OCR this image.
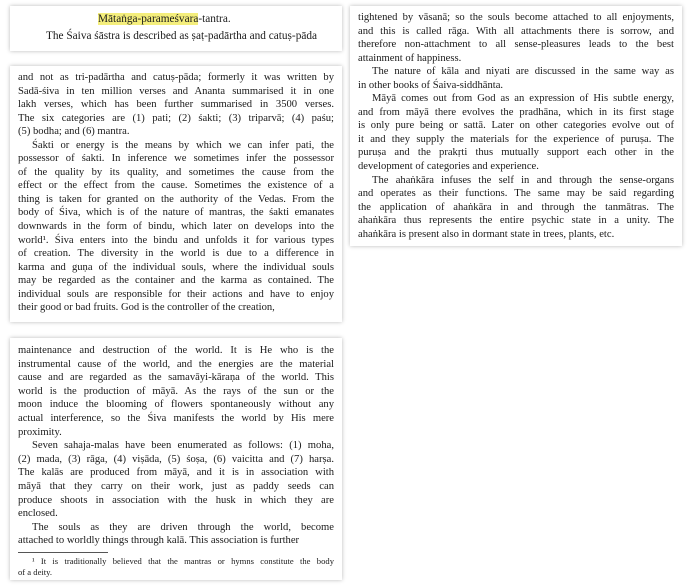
Mātaṅga-parameśvara-tantra.

The Śaiva śāstra is described as ṣaṭ-padārtha and catuṣ-pāda

and not as tri-padārtha and catuṣ-pāda; formerly it was written by

Sadā-śiva in ten million verses and Ananta summarised it in one

lakh verses, which has been further summarised in 3500 verses.

The six categories are (1) pati; (2) śakti; (3) triparvā; (4) paśu;

(5) bodha; and (6) mantra.

Śakti or energy is the means by which we can infer pati, the

possessor of śakti. In inference we sometimes infer the possessor

of the quality by its quality, and sometimes the cause from the

effect or the effect from the cause. Sometimes the existence of a

thing is taken for granted on the authority of the Vedas. From the

body of Śiva, which is of the nature of mantras, the śakti emanates

downwards in the form of bindu, which later on develops into the

world¹. Śiva enters into the bindu and unfolds it for various types

of creation. The diversity in the world is due to a difference in

karma and guṇa of the individual souls, where the individual souls

may be regarded as the container and the karma as contained. The

individual souls are responsible for their actions and have to enjoy

their good or bad fruits. God is the controller of the creation,

maintenance and destruction of the world. It is He who is the

instrumental cause of the world, and the energies are the material

cause and are regarded as the samavāyi-kāraṇa of the world. This

world is the production of māyā. As the rays of the sun or the

moon induce the blooming of flowers spontaneously without any

actual interference, so the Śiva manifests the world by His mere

proximity.

Seven sahaja-malas have been enumerated as follows: (1) moha,

(2) mada, (3) rāga, (4) viṣāda, (5) śoṣa, (6) vaicitta and (7) harṣa.

The kalās are produced from māyā, and it is in association with

māyā that they carry on their work, just as paddy seeds can

produce shoots in association with the husk in which they are

enclosed.

The souls as they are driven through the world, become

attached to worldly things through kalā. This association is further

¹ It is traditionally believed that the mantras or hymns constitute the body

of a deity.

tightened by vāsanā; so the souls become attached to all enjoyments,

and this is called rāga. With all attachments there is sorrow, and

therefore non-attachment to all sense-pleasures leads to the best

attainment of happiness.

The nature of kāla and niyati are discussed in the same way as

in other books of Śaiva-siddhānta.

Māyā comes out from God as an expression of His subtle energy,

and from māyā there evolves the pradhāna, which in its first stage

is only pure being or sattā. Later on other categories evolve out of

it and they supply the materials for the experience of puruṣa. The

puruṣa and the prakṛti thus mutually support each other in the

development of categories and experience.

The ahaṅkāra infuses the self in and through the sense-organs

and operates as their functions. The same may be said regarding

the application of ahaṅkāra in and through the tanmātras. The

ahaṅkāra thus represents the entire psychic state in a unity. The

ahaṅkāra is present also in dormant state in trees, plants, etc.
